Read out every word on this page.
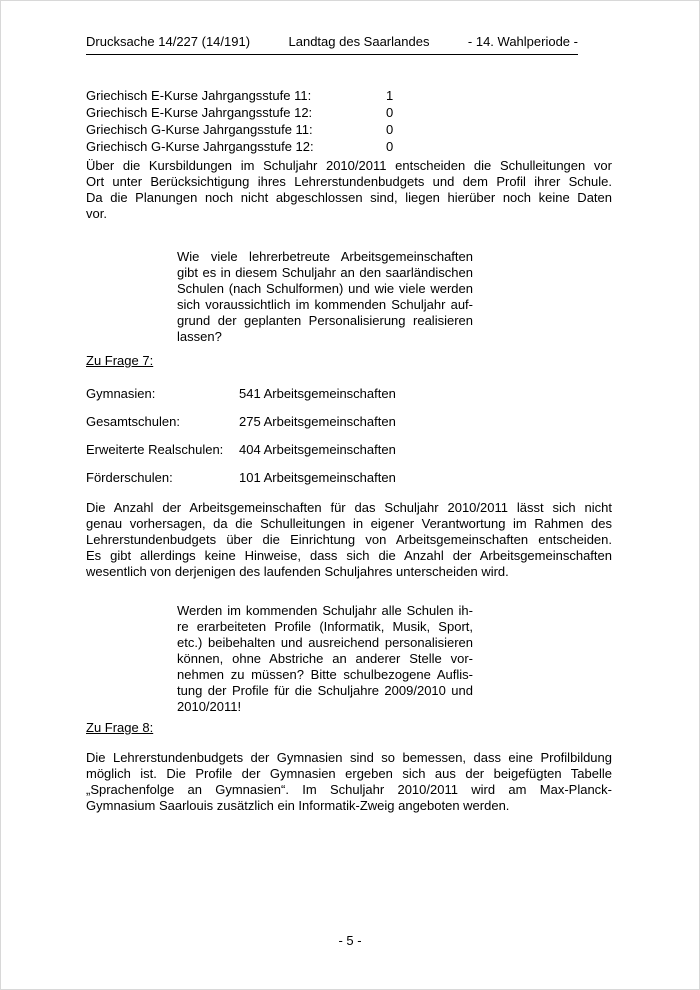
Drucksache 14/227 (14/191)	Landtag des Saarlandes	- 14. Wahlperiode -
Griechisch E-Kurse Jahrgangsstufe 11:	1
Griechisch E-Kurse Jahrgangsstufe 12:	0
Griechisch G-Kurse Jahrgangsstufe 11:	0
Griechisch G-Kurse Jahrgangsstufe 12:	0
Über die Kursbildungen im Schuljahr 2010/2011 entscheiden die Schulleitungen vor
Ort unter Berücksichtigung ihres Lehrerstundenbudgets und dem Profil ihrer Schule.
Da die Planungen noch nicht abgeschlossen sind, liegen hierüber noch keine Daten
vor.
Wie viele lehrerbetreute Arbeitsgemeinschaften
gibt es in diesem Schuljahr an den saarländischen
Schulen (nach Schulformen) und wie viele werden
sich voraussichtlich im kommenden Schuljahr auf-
grund der geplanten Personalisierung realisieren
lassen?
Zu Frage 7:
Gymnasien:	541 Arbeitsgemeinschaften
Gesamtschulen:	275 Arbeitsgemeinschaften
Erweiterte Realschulen:	404 Arbeitsgemeinschaften
Förderschulen:	101 Arbeitsgemeinschaften
Die Anzahl der Arbeitsgemeinschaften für das Schuljahr 2010/2011 lässt sich nicht
genau vorhersagen, da die Schulleitungen in eigener Verantwortung im Rahmen des
Lehrerstundenbudgets über die Einrichtung von Arbeitsgemeinschaften entscheiden.
Es gibt allerdings keine Hinweise, dass sich die Anzahl der Arbeitsgemeinschaften
wesentlich von derjenigen des laufenden Schuljahres unterscheiden wird.
Werden im kommenden Schuljahr alle Schulen ih-
re erarbeiteten Profile (Informatik, Musik, Sport,
etc.) beibehalten und ausreichend personalisieren
können, ohne Abstriche an anderer Stelle vor-
nehmen zu müssen? Bitte schulbezogene Auflis-
tung der Profile für die Schuljahre 2009/2010 und
2010/2011!
Zu Frage 8:
Die Lehrerstundenbudgets der Gymnasien sind so bemessen, dass eine Profilbildung
möglich ist. Die Profile der Gymnasien ergeben sich aus der beigefügten Tabelle
„Sprachenfolge an Gymnasien“. Im Schuljahr 2010/2011 wird am Max-Planck-
Gymnasium Saarlouis zusätzlich ein Informatik-Zweig angeboten werden.
- 5 -
